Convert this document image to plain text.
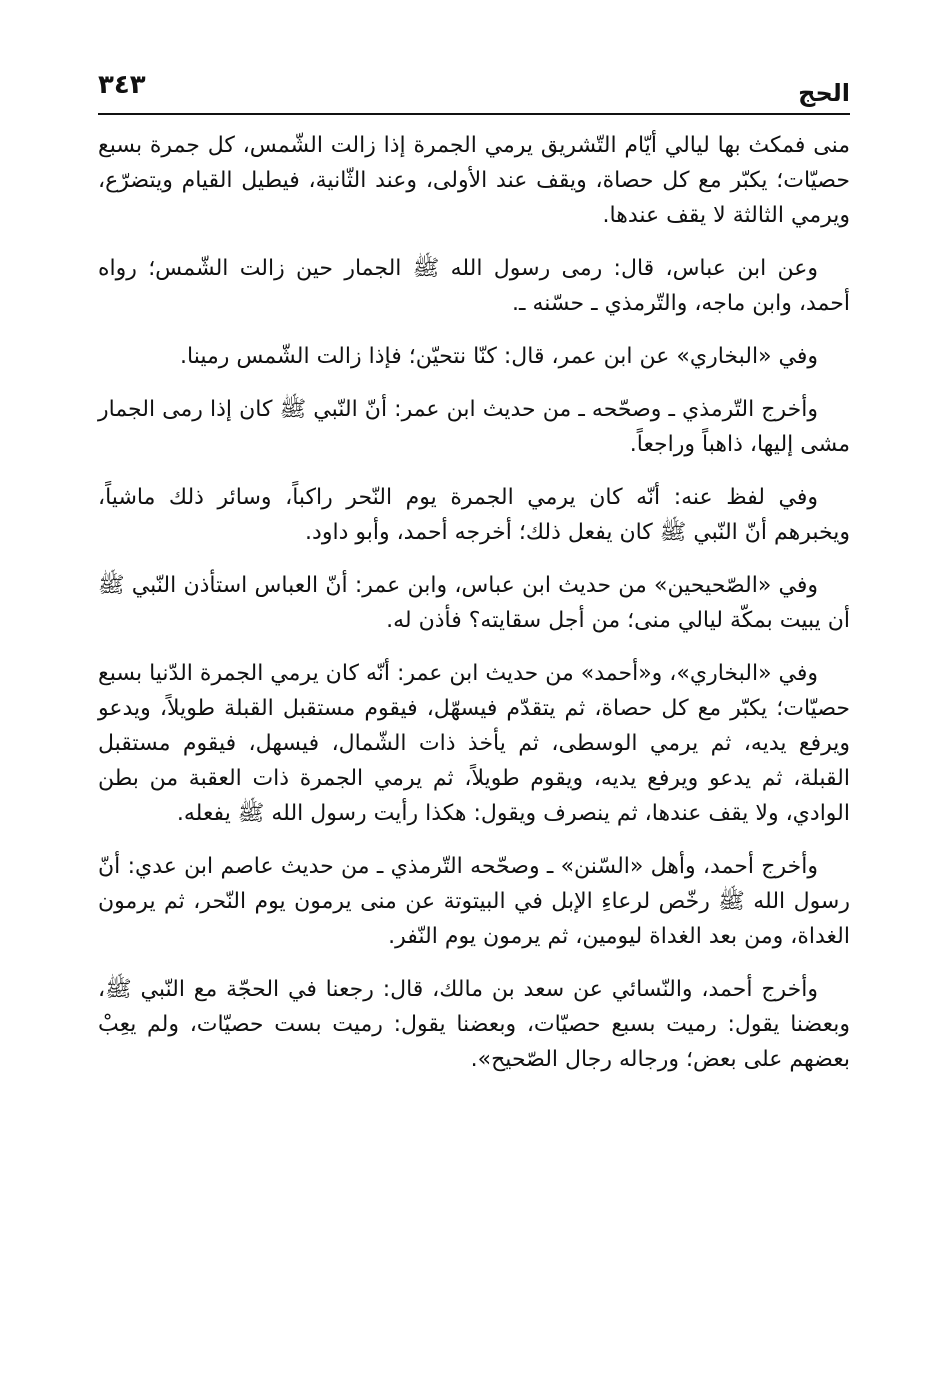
الحج
٣٤٣

منى فمكث بها ليالي أيّام التّشريق يرمي الجمرة إذا زالت الشّمس، كل جمرة بسبع حصيّات؛ يكبّر مع كل حصاة، ويقف عند الأولى، وعند الثّانية، فيطيل القيام ويتضرّع، ويرمي الثالثة لا يقف عندها.

وعن ابن عباس، قال: رمى رسول الله ﷺ الجمار حين زالت الشّمس؛ رواه أحمد، وابن ماجه، والتّرمذي ـ حسّنه ـ.

وفي «البخاري» عن ابن عمر، قال: كنّا نتحيّن؛ فإذا زالت الشّمس رمينا.

وأخرج التّرمذي ـ وصحّحه ـ من حديث ابن عمر: أنّ النّبي ﷺ كان إذا رمى الجمار مشى إليها، ذاهباً وراجعاً.

وفي لفظ عنه: أنّه كان يرمي الجمرة يوم النّحر راكباً، وسائر ذلك ماشياً، ويخبرهم أنّ النّبي ﷺ كان يفعل ذلك؛ أخرجه أحمد، وأبو داود.

وفي «الصّحيحين» من حديث ابن عباس، وابن عمر: أنّ العباس استأذن النّبي ﷺ أن يبيت بمكّة ليالي منى؛ من أجل سقايته؟ فأذن له.

وفي «البخاري»، و«أحمد» من حديث ابن عمر: أنّه كان يرمي الجمرة الدّنيا بسبع حصيّات؛ يكبّر مع كل حصاة، ثم يتقدّم فيسهّل، فيقوم مستقبل القبلة طويلاً، ويدعو ويرفع يديه، ثم يرمي الوسطى، ثم يأخذ ذات الشّمال، فيسهل، فيقوم مستقبل القبلة، ثم يدعو ويرفع يديه، ويقوم طويلاً، ثم يرمي الجمرة ذات العقبة من بطن الوادي، ولا يقف عندها، ثم ينصرف ويقول: هكذا رأيت رسول الله ﷺ يفعله.

وأخرج أحمد، وأهل «السّنن» ـ وصحّحه التّرمذي ـ من حديث عاصم ابن عدي: أنّ رسول الله ﷺ رخّص لرعاءِ الإبل في البيتوتة عن منى يرمون يوم النّحر، ثم يرمون الغداة، ومن بعد الغداة ليومين، ثم يرمون يوم النّفر.

وأخرج أحمد، والنّسائي عن سعد بن مالك، قال: رجعنا في الحجّة مع النّبي ﷺ، وبعضنا يقول: رميت بسبع حصيّات، وبعضنا يقول: رميت بست حصيّات، ولم يعِبْ بعضهم على بعض؛ ورجاله رجال الصّحيح».
